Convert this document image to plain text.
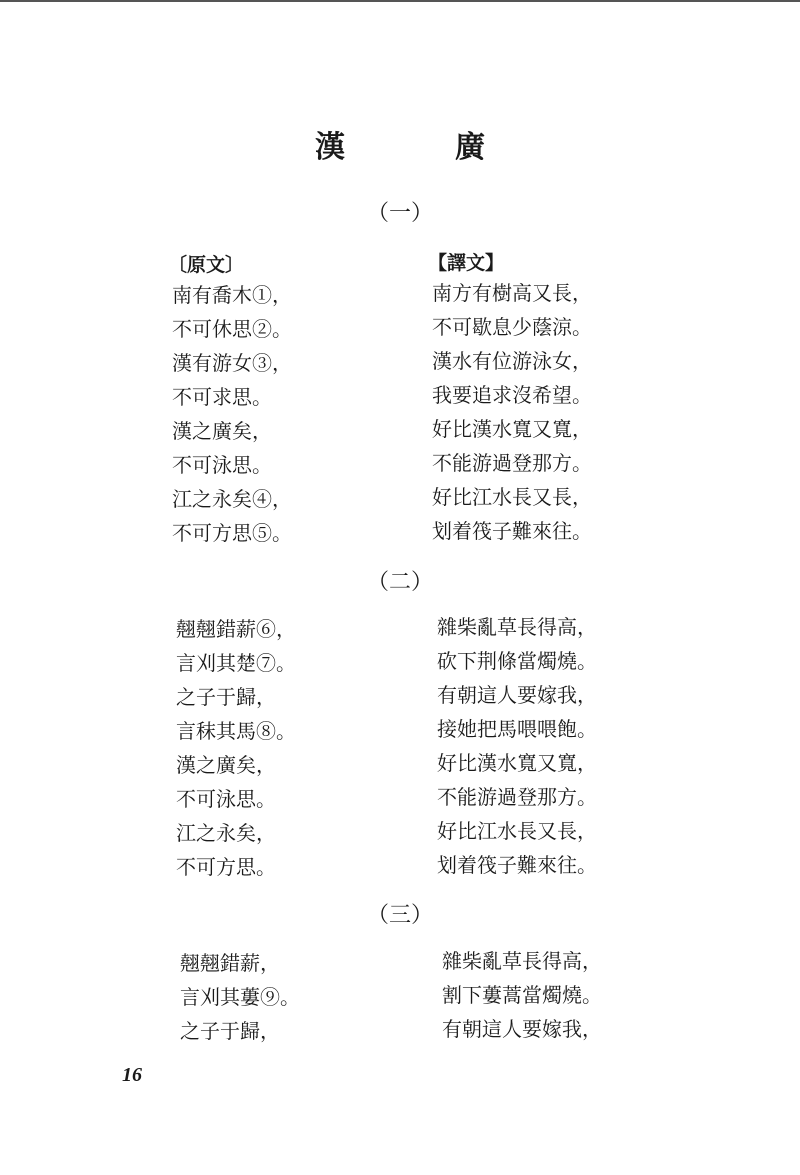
漢　廣
（一）
〔原文〕	【譯文】
南有喬木①，
不可休思②。
漢有游女③，
不可求思。
漢之廣矣，
不可泳思。
江之永矣④，
不可方思⑤。
南方有樹高又長，
不可歇息少蔭涼。
漢水有位游泳女，
我要追求沒希望。
好比漢水寬又寬，
不能游過登那方。
好比江水長又長，
划着筏子難來往。
（二）
翹翹錯薪⑥，
言刈其楚⑦。
之子于歸，
言秣其馬⑧。
漢之廣矣，
不可泳思。
江之永矣，
不可方思。
雜柴亂草長得高，
砍下荆條當燭燒。
有朝這人要嫁我，
接她把馬喂喂飽。
好比漢水寬又寬，
不能游過登那方。
好比江水長又長，
划着筏子難來往。
（三）
翹翹錯薪，
言刈其蔞⑨。
之子于歸，
雜柴亂草長得高，
割下蔞蒿當燭燒。
有朝這人要嫁我，
16
